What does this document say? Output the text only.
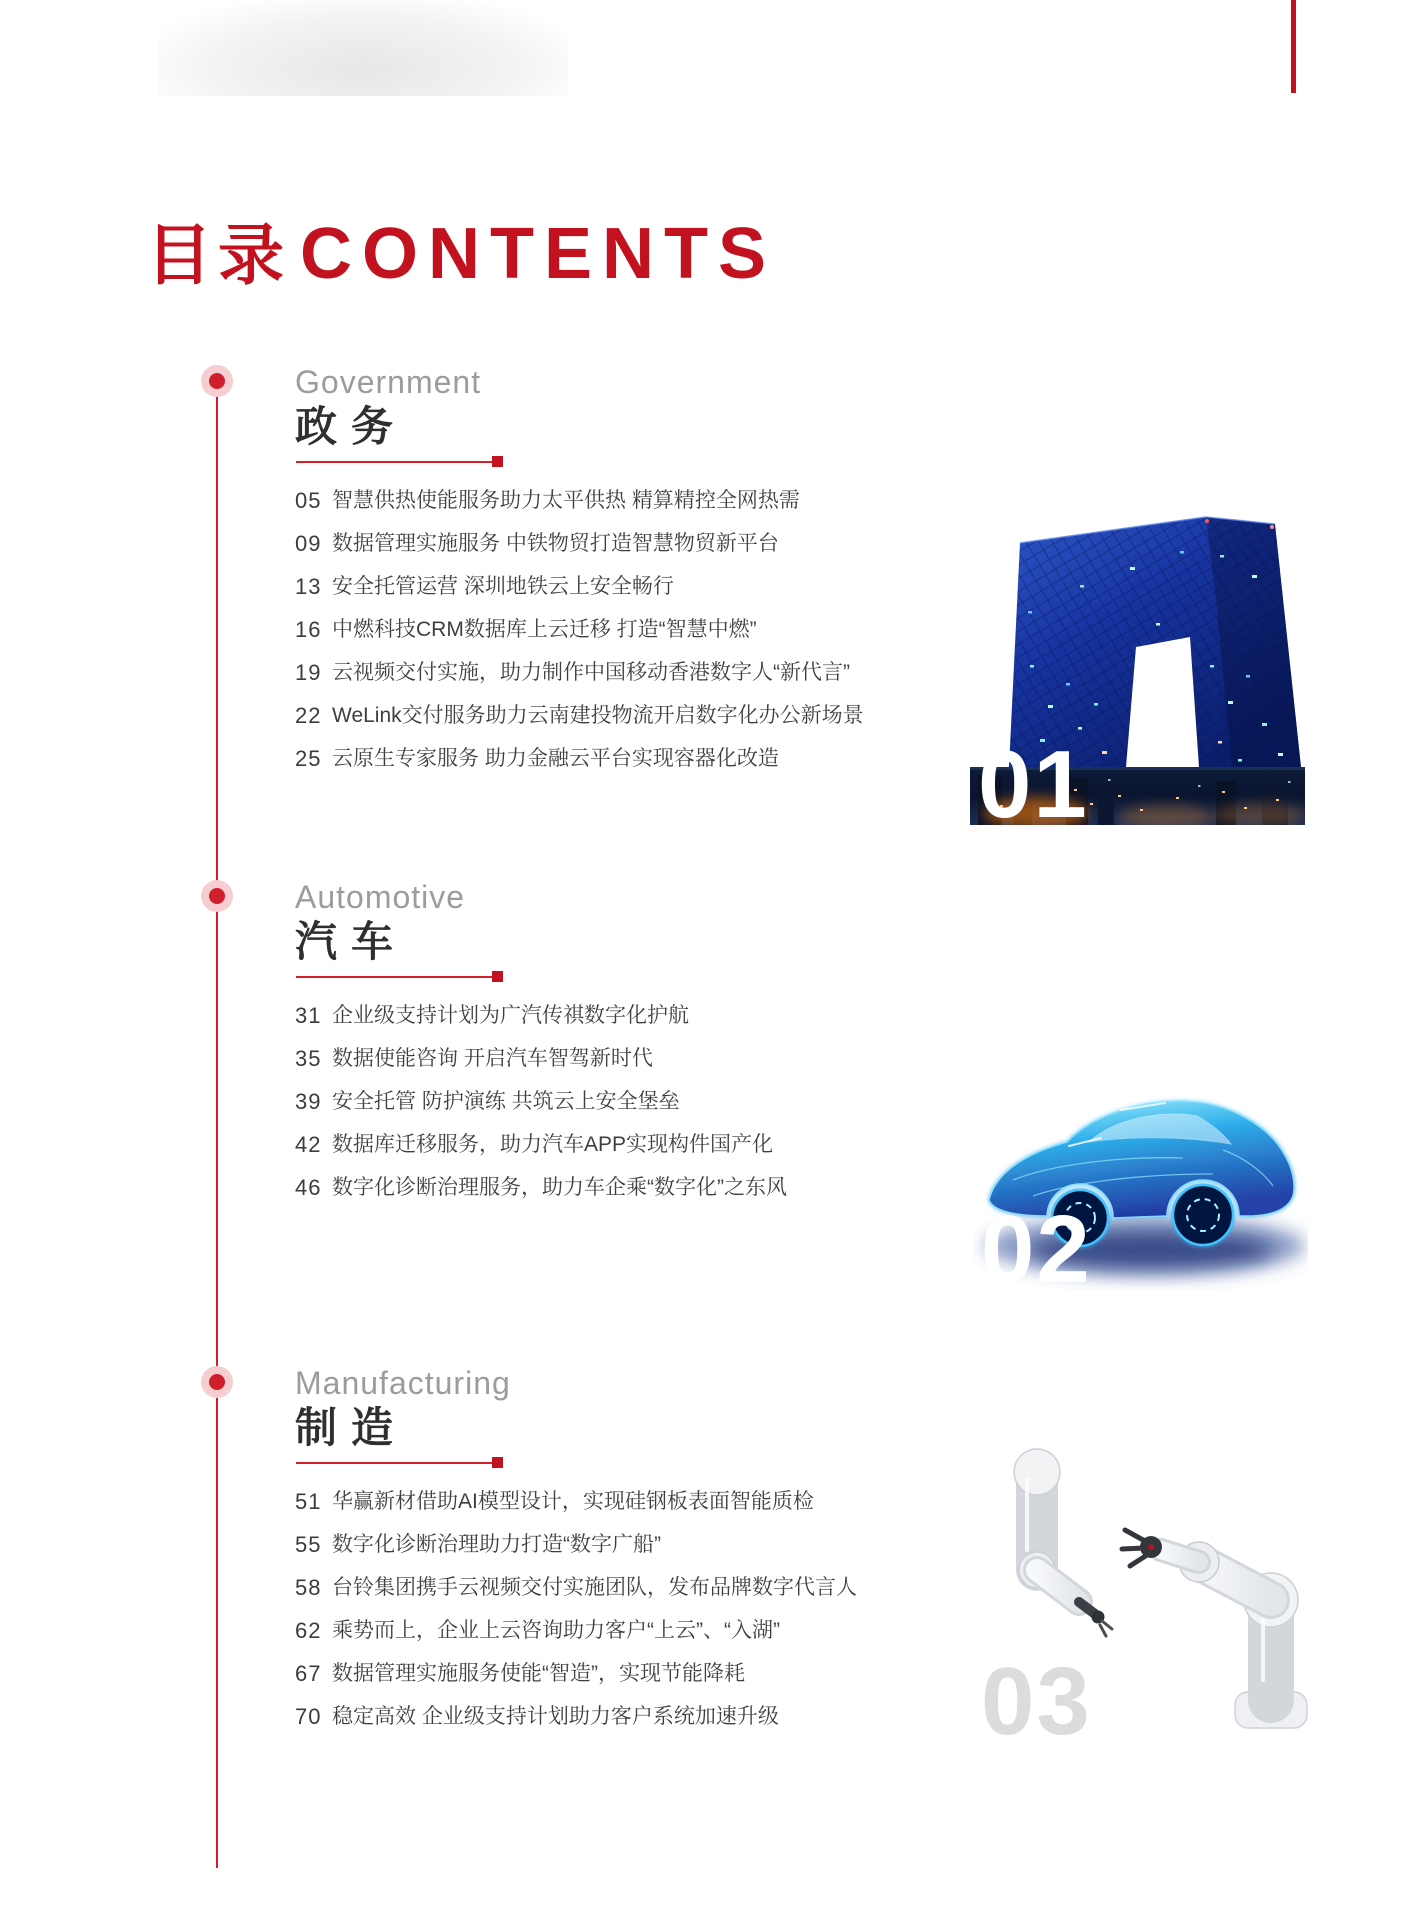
目录 CONTENTS
Government
政务
05 智慧供热使能服务助力太平供热 精算精控全网热需
09 数据管理实施服务 中铁物贸打造智慧物贸新平台
13 安全托管运营 深圳地铁云上安全畅行
16 中燃科技CRM数据库上云迁移 打造“智慧中燃”
19 云视频交付实施，助力制作中国移动香港数字人“新代言”
22 WeLink交付服务助力云南建投物流开启数字化办公新场景
25 云原生专家服务 助力金融云平台实现容器化改造
Automotive
汽车
31 企业级支持计划为广汽传祺数字化护航
35 数据使能咨询 开启汽车智驾新时代
39 安全托管 防护演练 共筑云上安全堡垒
42 数据库迁移服务，助力汽车APP实现构件国产化
46 数字化诊断治理服务，助力车企乘“数字化”之东风
Manufacturing
制造
51 华赢新材借助AI模型设计，实现硅钢板表面智能质检
55 数字化诊断治理助力打造“数字广船”
58 台铃集团携手云视频交付实施团队，发布品牌数字代言人
62 乘势而上，企业上云咨询助力客户“上云”、“入湖”
67 数据管理实施服务使能“智造”，实现节能降耗
70 稳定高效 企业级支持计划助力客户系统加速升级
01
02
03
